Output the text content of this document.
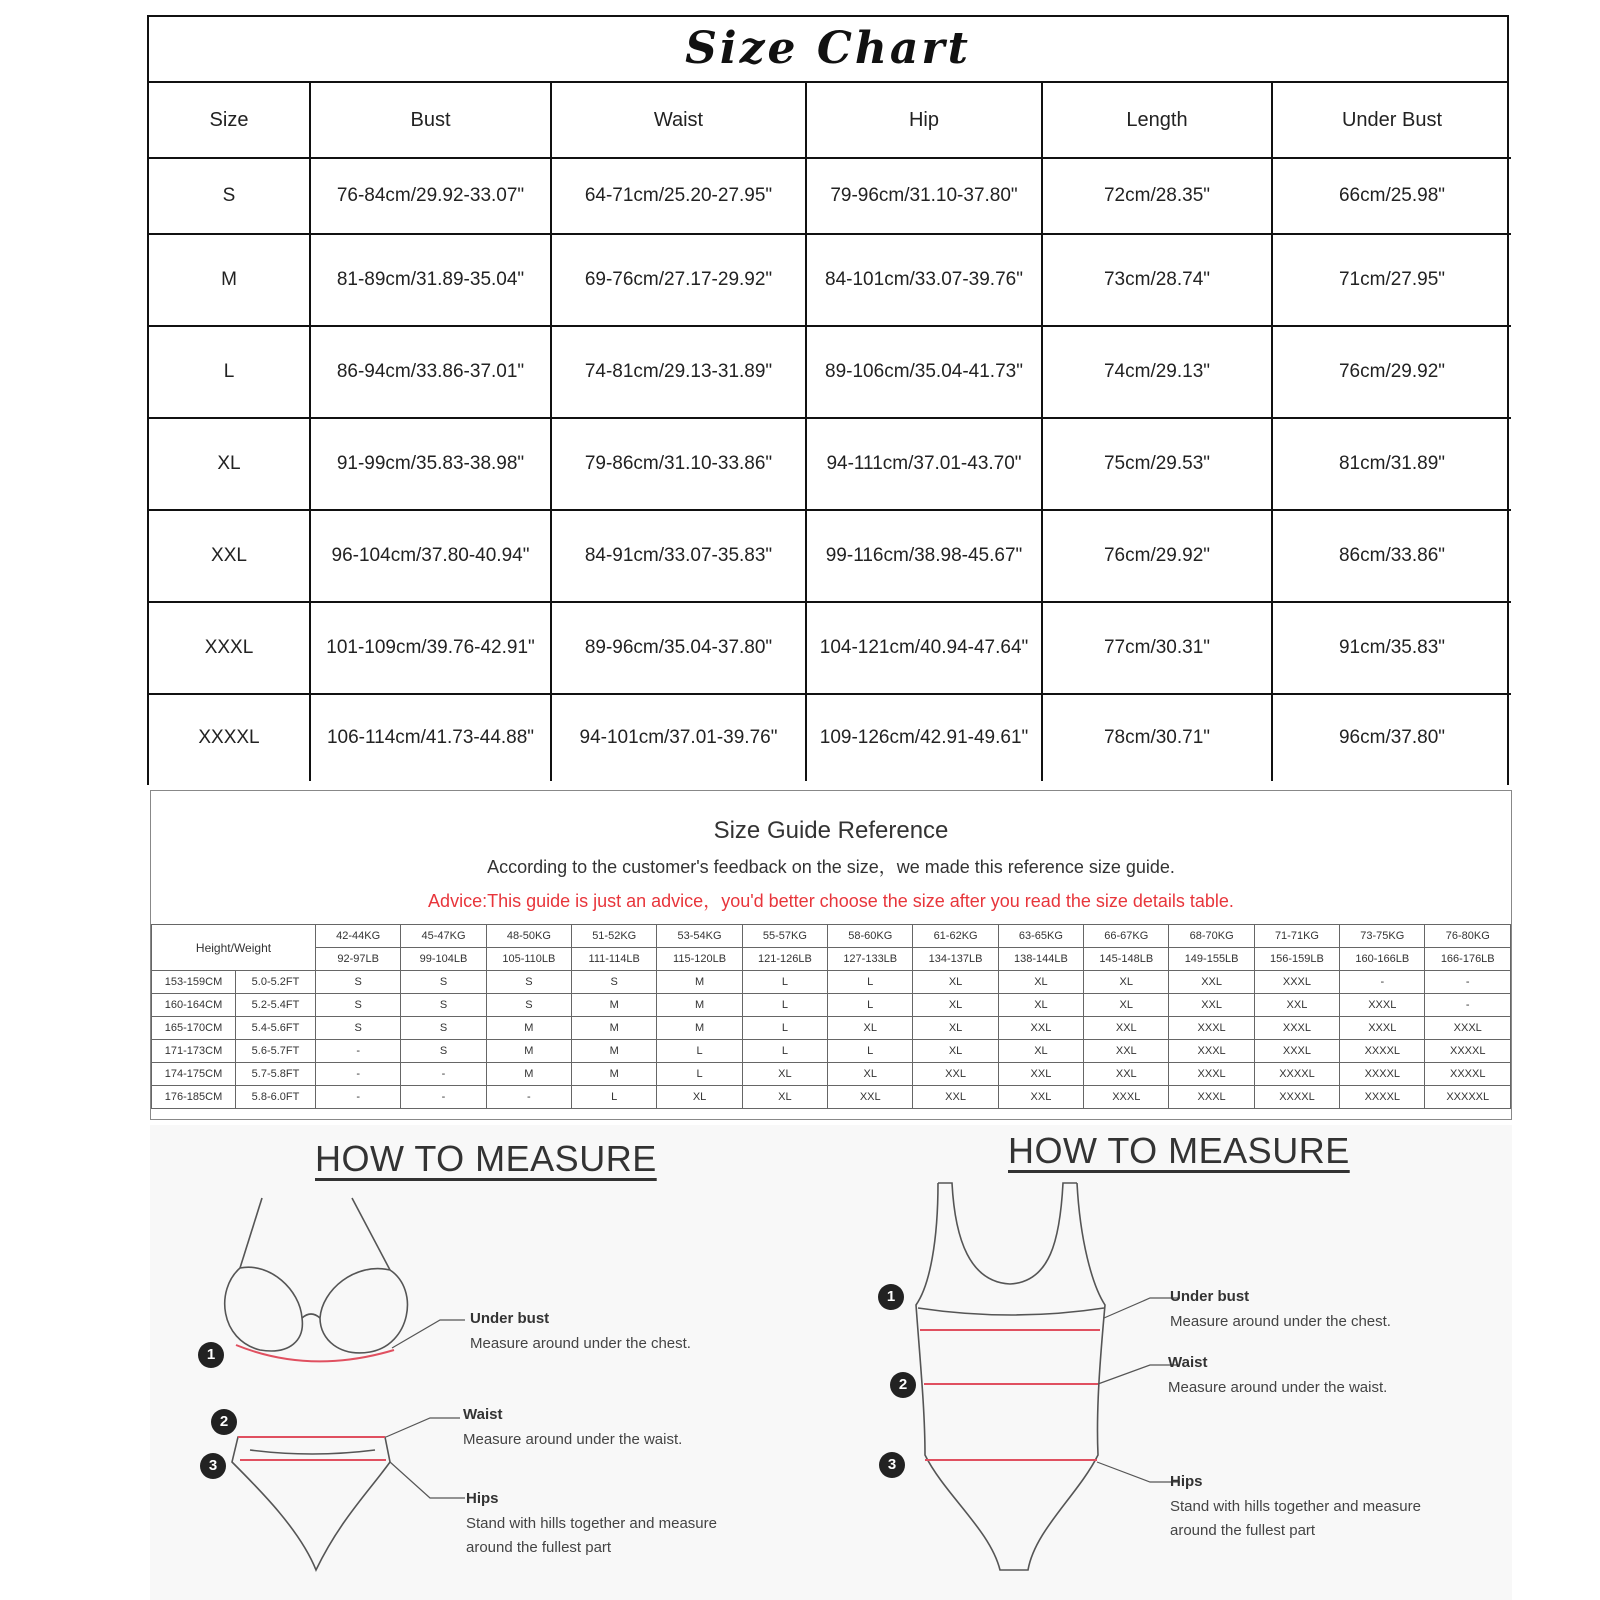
Size Chart
Size	Bust	Waist	Hip	Length	Under Bust
S	76-84cm/29.92-33.07"	64-71cm/25.20-27.95"	79-96cm/31.10-37.80"	72cm/28.35"	66cm/25.98"
M	81-89cm/31.89-35.04"	69-76cm/27.17-29.92"	84-101cm/33.07-39.76"	73cm/28.74"	71cm/27.95"
L	86-94cm/33.86-37.01"	74-81cm/29.13-31.89"	89-106cm/35.04-41.73"	74cm/29.13"	76cm/29.92"
XL	91-99cm/35.83-38.98"	79-86cm/31.10-33.86"	94-111cm/37.01-43.70"	75cm/29.53"	81cm/31.89"
XXL	96-104cm/37.80-40.94"	84-91cm/33.07-35.83"	99-116cm/38.98-45.67"	76cm/29.92"	86cm/33.86"
XXXL	101-109cm/39.76-42.91"	89-96cm/35.04-37.80"	104-121cm/40.94-47.64"	77cm/30.31"	91cm/35.83"
XXXXL	106-114cm/41.73-44.88"	94-101cm/37.01-39.76"	109-126cm/42.91-49.61"	78cm/30.71"	96cm/37.80"
Size Guide Reference
According to the customer's feedback on the size，we made this reference size guide.
Advice:This guide is just an advice，you'd better choose the size after you read the size details table.
Height/Weight		42-44KG	45-47KG	48-50KG	51-52KG	53-54KG	55-57KG	58-60KG	61-62KG	63-65KG	66-67KG	68-70KG	71-71KG	73-75KG	76-80KG
		92-97LB	99-104LB	105-110LB	111-114LB	115-120LB	121-126LB	127-133LB	134-137LB	138-144LB	145-148LB	149-155LB	156-159LB	160-166LB	166-176LB
153-159CM	5.0-5.2FT	S	S	S	S	M	L	L	XL	XL	XL	XXL	XXXL	-	-
160-164CM	5.2-5.4FT	S	S	S	M	M	L	L	XL	XL	XL	XXL	XXL	XXXL	-
165-170CM	5.4-5.6FT	S	S	M	M	M	L	XL	XL	XXL	XXL	XXXL	XXXL	XXXL	XXXL
171-173CM	5.6-5.7FT	-	S	M	M	L	L	L	XL	XL	XXL	XXXL	XXXL	XXXXL	XXXXL
174-175CM	5.7-5.8FT	-	-	M	M	L	XL	XL	XXL	XXL	XXL	XXXL	XXXXL	XXXXL	XXXXL
176-185CM	5.8-6.0FT	-	-	-	L	XL	XL	XXL	XXL	XXL	XXXL	XXXL	XXXXL	XXXXL	XXXXXL
HOW TO MEASURE	HOW TO MEASURE
1
2
3
Under bust
Measure around under the chest.
Waist
Measure around under the waist.
Hips
Stand with hills together and measure
around the fullest part
1
2
3
Under bust
Measure around under the chest.
Waist
Measure around under the waist.
Hips
Stand with hills together and measure
around the fullest part
